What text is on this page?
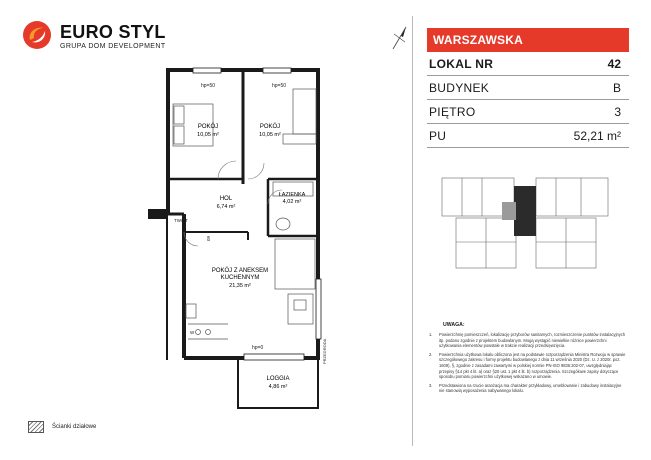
EURO STYL
GRUPA DOM DEVELOPMENT
hp=50	hp=50
hp=0
TW/TT
W
60
PRZEGRODA
POKÓJ
10,05 m²
POKÓJ
10,05 m²
ŁAZIENKA
4,02 m²
HOL
6,74 m²
POKÓJ Z ANEKSEM
KUCHENNYM
21,35 m²
LOGGIA
4,86 m²
WARSZAWSKA
LOKAL NR	42
BUDYNEK	B
PIĘTRO	3
PU	52,21 m²
UWAGA:
1.	Powierzchnię pomieszczeń, lokalizację przyborów sanitarnych, rozmieszczenie punktów instalacyjnych itp. podano zgodnie z projektem budowlanym. Mogą wystąpić niewielkie różnice powierzchni użytkowania elementów powstałe w trakcie realizacji przedsięwzięcia.
2.	Powierzchnia użytkowa lokalu obliczona jest na podstawie rozporządzenia Ministra Rozwoju w sprawie szczegółowego zakresu i formy projektu budowlanego z dnia 11 września 2020 (Dz. U. z 2020r. poz. 1609), §, zgodnie z zasadami zawartymi w polskiej normie PN-ISO 9836:202-07, uwzględniając przepisy §14 pkt 4 lit. a) oraz §20 ust. 1 pkt 4 lit. b) rozporządzenia. Szczegółowe zapisy dotyczące sposobu pomiaru powierzchni użytkowej wskazano w umowie.
3.	Przedstawiona na rzucie aranżacja ma charakter przykładowy, umeblowanie i zabudowy instalacyjne nie stanowią wyposażenia nabywanego lokalu.
Ścianki działowe
